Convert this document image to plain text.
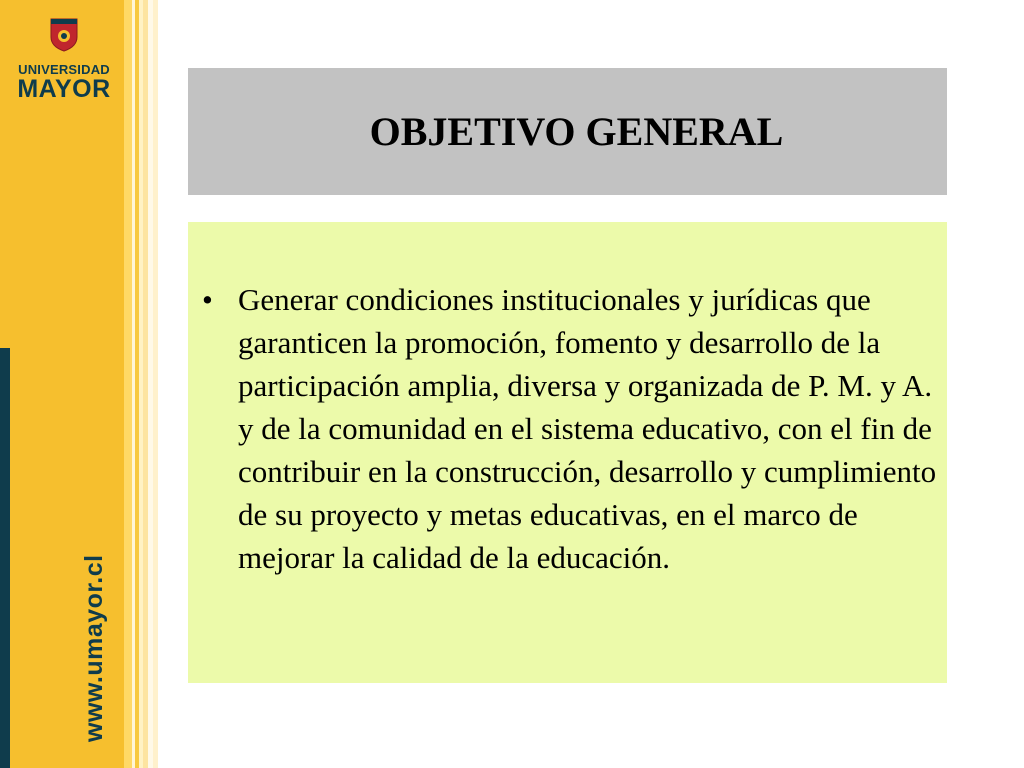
UNIVERSIDAD
MAYOR
www.umayor.cl
OBJETIVO GENERAL
• Generar condiciones institucionales y jurídicas que garanticen la promoción, fomento y desarrollo de la participación amplia, diversa y organizada de P. M. y A. y de la comunidad en el sistema educativo, con el fin de contribuir en la construcción, desarrollo y cumplimiento de su proyecto y metas educativas, en el marco de mejorar la calidad de la educación.
